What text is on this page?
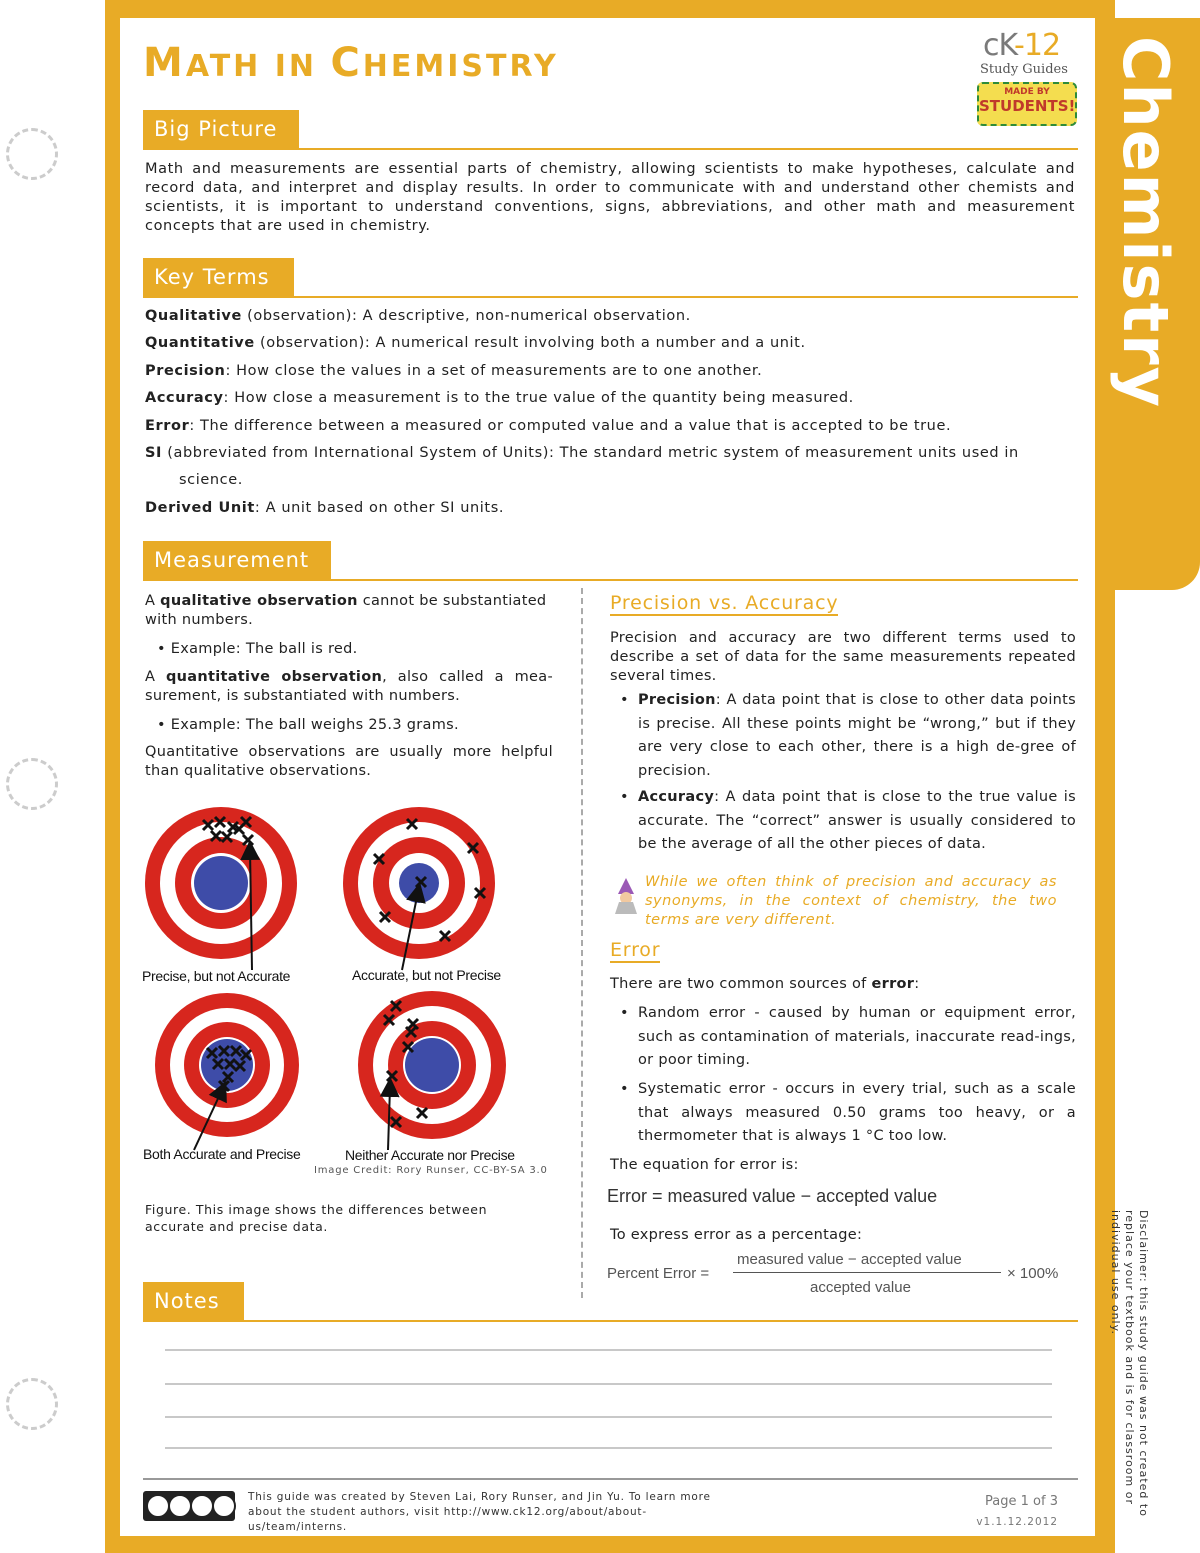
Chemistry
Disclaimer: this study guide was not created to replace your textbook and is for classroom or individual use only.
MATH IN CHEMISTRY
cK-12
Study Guides
MADE BY
STUDENTS!
Big Picture
Math and measurements are essential parts of chemistry, allowing scientists to make hypotheses, calculate and record data, and interpret and display results. In order to communicate with and understand other chemists and scientists, it is important to understand conventions, signs, abbreviations, and other math and measurement concepts that are used in chemistry.
Key Terms
Qualitative (observation): A descriptive, non-numerical observation.
Quantitative (observation): A numerical result involving both a number and a unit.
Precision: How close the values in a set of measurements are to one another.
Accuracy: How close a measurement is to the true value of the quantity being measured.
Error: The difference between a measured or computed value and a value that is accepted to be true.
SI (abbreviated from International System of Units): The standard metric system of measurement units used in
science.
Derived Unit: A unit based on other SI units.
Measurement
A qualitative observation cannot be substantiated with numbers.
• Example: The ball is red.
A quantitative observation, also called a mea-surement, is substantiated with numbers.
• Example: The ball weighs 25.3 grams.
Quantitative observations are usually more helpful than qualitative observations.
Precise, but not Accurate	Accurate, but not Precise
Both Accurate and Precise	Neither Accurate nor Precise
Image Credit: Rory Runser, CC-BY-SA 3.0
Figure. This image shows the differences between accurate and precise data.
Precision vs. Accuracy
Precision and accuracy are two different terms used to describe a set of data for the same measurements repeated several times.
• Precision: A data point that is close to other data points is precise. All these points might be “wrong,” but if they are very close to each other, there is a high de-gree of precision.
• Accuracy: A data point that is close to the true value is accurate. The “correct” answer is usually considered to be the average of all the other pieces of data.
While we often think of precision and accuracy as synonyms, in the context of chemistry, the two terms are very different.
Error
There are two common sources of error:
• Random error - caused by human or equipment error, such as contamination of materials, inaccurate read-ings, or poor timing.
• Systematic error - occurs in every trial, such as a scale that always measured 0.50 grams too heavy, or a thermometer that is always 1 °C too low.
The equation for error is:
Error = measured value − accepted value
To express error as a percentage:
Percent Error =
measured value − accepted value
accepted value
× 100%
Notes
This guide was created by Steven Lai, Rory Runser, and Jin Yu. To learn more about the student authors, visit http://www.ck12.org/about/about-us/team/interns.
Page 1 of 3
v1.1.12.2012
